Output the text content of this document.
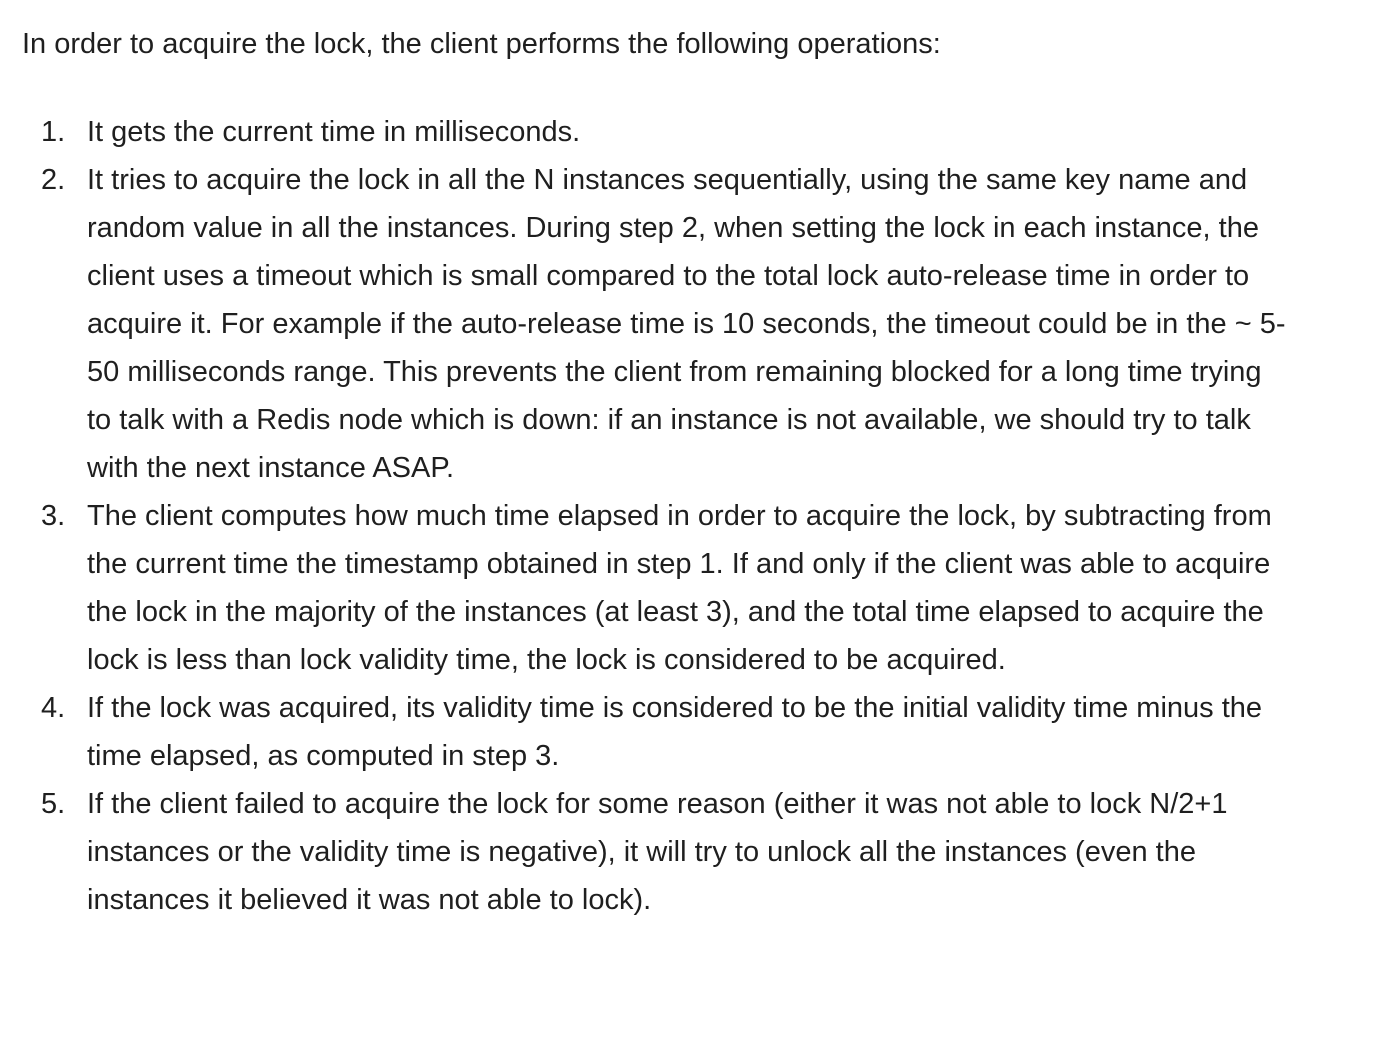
In order to acquire the lock, the client performs the following operations:

1. It gets the current time in milliseconds.
2. It tries to acquire the lock in all the N instances sequentially, using the same key name and random value in all the instances. During step 2, when setting the lock in each instance, the client uses a timeout which is small compared to the total lock auto-release time in order to acquire it. For example if the auto-release time is 10 seconds, the timeout could be in the ~ 5-50 milliseconds range. This prevents the client from remaining blocked for a long time trying to talk with a Redis node which is down: if an instance is not available, we should try to talk with the next instance ASAP.
3. The client computes how much time elapsed in order to acquire the lock, by subtracting from the current time the timestamp obtained in step 1. If and only if the client was able to acquire the lock in the majority of the instances (at least 3), and the total time elapsed to acquire the lock is less than lock validity time, the lock is considered to be acquired.
4. If the lock was acquired, its validity time is considered to be the initial validity time minus the time elapsed, as computed in step 3.
5. If the client failed to acquire the lock for some reason (either it was not able to lock N/2+1 instances or the validity time is negative), it will try to unlock all the instances (even the instances it believed it was not able to lock).
